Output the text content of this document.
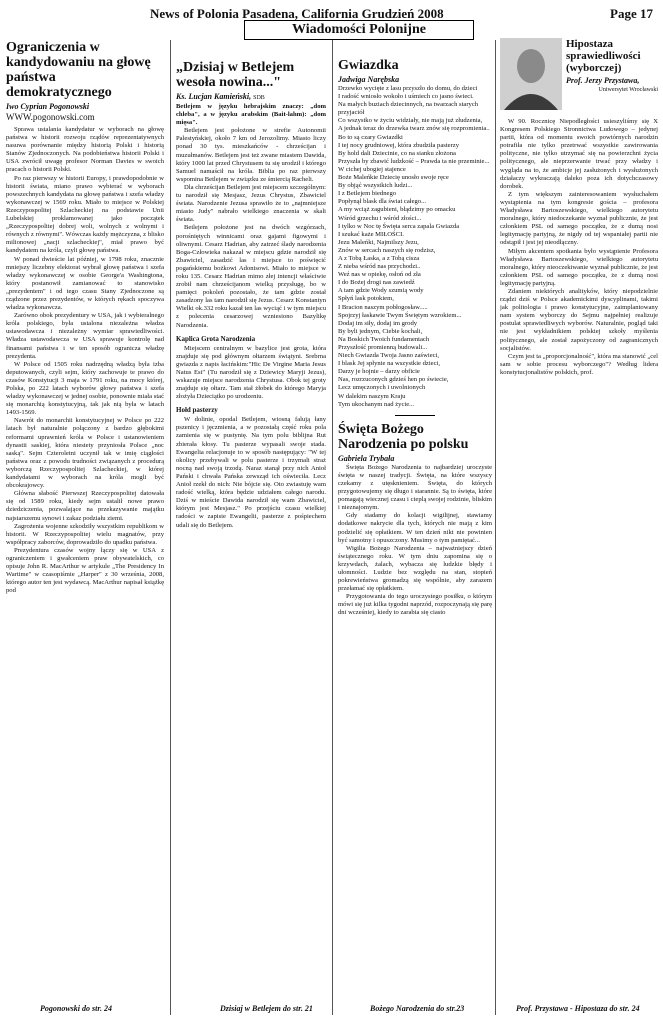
News of Polonia Pasadena, California Grudzień 2008	Page 17
Wiadomości Polonijne
Ograniczenia w kandydowaniu na głowę państwa demokratycznego
Iwo Cyprian Pogonowski
WWW.pogonowski.com

Sprawa ustalania kandydatur w wyborach na głowę państwa w historii rozwoju rządów reprezentatywnych nasuwa porównanie między historią Polski i historią Stanów Zjednoczonych. Na podobieństwa historii Polski i USA zwrócił uwagę profesor Norman Davies w swoich pracach o historii Polski.

Po raz pierwszy w historii Europy, i prawdopodobnie w historii świata, miano prawo wybierać w wyborach powszechnych kandydata na głowę państwa i szefa władzy wykonawczej w 1569 roku. Miało to miejsce w Polskiej Rzeczypospolitej Szlacheckiej na podstawie Unii Lubelskiej proklamowanej jako początek „Rzeczypospolitej dobrej woli, wolnych z wolnymi i równych z równymi". Wówczas każdy mężczyzna, z blisko milionowej „nacji szlacheckiej", miał prawo być kandydatem na króla, czyli głowę państwa.

W ponad dwieście lat później, w 1798 roku, znacznie mniejszy liczebny elektorat wybrał głowę państwa i szefa władzy wykonawczej w osobie George'a Washingtona, który postanowił zamianować to stanowisko „prezydentem" i od tego czasu Stany Zjednoczone są rządzone przez prezydentów, w których rękach spoczywa władza wykonawcza.

Zarówno obok prezydentury w USA, jak i wybieralnego króla polskiego, była ustalona niezależna władza ustawodawcza i niezależny wymiar sprawiedliwości. Władza ustawodawcza w USA sprawuje kontrolę nad finansami państwa i w ten sposób ogranicza władzę prezydenta.

W Polsce od 1505 roku nadrzędną władzą była izba deputowanych, czyli sejm, który zachowuje te prawo do czasów Konstytucji 3 maja w 1791 roku, na mocy której, Polska, po 222 latach wyborów głowy państwa i szefa władzy wykonawczej w jednej osobie, ponownie miała stać się monarchią konstytucyjną, tak jak nią była w latach 1493-1569.

Nawrót do monarchii konstytucyjnej w Polsce po 222 latach był naturalnie połączony z bardzo głębokimi reformami uprawnień króla w Polsce i ustanowieniem dynastii saskiej, która niestety przyniosła Polsce „noc saską". Sejm Czteroletni uczynił tak w imię ciągłości państwa oraz z powodu trudności związanych z procedurą wyborczą Rzeczypospolitej Szlacheckiej, w której kandydatami w wyborach na króla mogli być obcokrajowcy.

Główna słabość Pierwszej Rzeczypospolitej datowała się od 1589 roku, kiedy sejm ustalił nowe prawo dziedziczenia, pozwalające na przekazywanie majątku najstarszemu synowi i zakaz podziału ziemi.

Zagrożenia wojenne szkodziły wszystkim republikom w historii. W Rzeczypospolitej wielu magnatów, przy współpracy zaborców, doprowadziło do upadku państwa.

Prezydentura czasów wojny łączy się w USA z ograniczeniem i gwałceniem praw obywatelskich, co opisuje John R. MacArthur w artykule „The Presidency In Wartime" w czasopiśmie „Harper" z 30 września, 2008, którego autor ten jest wydawcą. MacArthur napisał książkę pod

Pogonowski do str. 24
„Dzisiaj w Betlejem wesoła nowina..."
Ks. Lucjan Kamieński, SDB

Betlejem w języku hebrajskim znaczy: „dom chleba", a w języku arabskim (Bait-lahm): „dom mięsa".

Betlejem jest położone w strefie Autonomii Palestyńskiej, około 7 km od Jerozolimy. Miasto liczy ponad 30 tys. mieszkańców - chrześcijan i muzułmanów. Betlejem jest też zwane miastem Dawida, który 1000 lat przed Chrystusem tu się urodził i którego Samuel namaścił na króla. Biblia po raz pierwszy wspomina Betlejem w związku ze śmiercią Racheli.

Dla chrześcijan Betlejem jest miejscem szczególnym: tu narodził się Mesjasz, Jezus Chrystus, Zbawiciel świata. Narodzenie Jezusa sprawiło że to „najmniejsze miasto Judy" nabrało wielkiego znaczenia w skali świata.

Betlejem położone jest na dwóch wzgórzach, porośniętych winnicami oraz gajami figowymi i oliwnymi. Cesarz Hadrian, aby zatrzeć ślady narodzenia Boga-Człowieka nakazał w miejscu gdzie narodził się Zbawiciel, zasadzić las i miejsce to poświęcić pogańskiemu bożkowi Adonisowi. Miało to miejsce w roku 135. Cesarz Hadrian mimo złej intencji właściwie zrobił nam chrześcijanom wielką przysługę, bo w pamięci pokoleń pozostało, że tam gdzie został zasadzony las tam narodził się Jezus. Cesarz Konstantyn Wielki ok.332 roku kazał ten las wyciąć i w tym miejscu z polecenia cesarzowej wzniesiono Bazylikę Narodzenia.

Kaplica Grota Narodzenia

Miejscem centralnym w bazylice jest grota, która znajduje się pod głównym ołtarzem świątyni. Srebrna gwiazda z napis łacińskim:"Hic De Virgine Maria Jesus Natus Est" (Tu narodził się z Dziewicy Maryji Jezus), wskazuje miejsce narodzenia Chrystusa. Obok tej groty znajduje się ołtarz. Tam stał żłobek do którego Maryja złożyła Dzieciątko po urodzeniu.

Hołd pasterzy

W dolinie, opodal Betlejem, wiosną falują łany pszenicy i jęczmienia, a w pozostałą część roku pola zamienia się w pustynię. Na tym polu biblijna Rut zbierała kłosy. Tu pasterze wypasali swoje stada. Ewangelia relacjonuje to w sposób następujący: "W tej okolicy przebywali w polu pasterze i trzymali straż nocną nad swoją trzodą. Naraz stanął przy nich Anioł Pański i chwała Pańska zewsząd ich oświeciła. Lecz Anioł rzekł do nich: Nie bójcie się. Oto zwiastuję wam radość wielką, która będzie udziałem całego narodu. Dziś w mieście Dawida narodził się wam Zbawiciel, którym jest Mesjasz." Po przejściu czasu wielkiej radości w zapisie Ewangelii, pasterze z pośpiechem udali się do Betlejem.

Dzisiaj w Betlejem do str. 21
Gwiazdka
Jadwiga Narębska

Drzewko wycięte z lasu przyszło do domu, do dzieci

I radość wniosło wokoło i uśmiech co jasno świeci.

Na małych buziach dziecinnych, na twarzach starych przyjaciół

Co wszystko w życiu widziały, nie mają już złudzenia,

A jednak teraz do drzewka twarz znów się rozpromienia..

Bo to są czary Gwiazdki

I tej nocy grudniowej, która zbudziła pasterzy

By hold dali Dziecinie, co na sianku złożona

Przyszła by zbawić ludzkość – Prawda ta nie przeminie...

W cichej ubogiej stajence

Boże Maleńkie Dziecię unosło swoje ręce

By objąć wszystkich ludzi...

I z Betlejem biednego

Popłynął blask dla świat całego...

A my wciąż zagubieni, błądzimy po omacku

Wśród grzechu i wśród złości...

I tylko w Noc tę Święta serca zapala Gwiazda

I szukać każe MIŁOŚCI.

Jezu Maleńki, Najmilszy Jezu,

Znów w sercach naszych się rodzisz,

A z Tobą Łaska, a z Tobą cisza

Z nieba wśród nas przychodzi..

Weź nas w opiekę, osłoń od zła

I do Bożej drogi nas zawiedź

A tam gdzie Wody szumią wody

Spłyń lask potokiem,

I Bracion naszym pobłogosław.....

Spojrzyj łaskawie Twym Świętym wzrokiem...

Dodaj im siły, dodaj im grody

By byli jednym, Ciebie kochali,

Na Boskich Twoich fundamentach

Przyszłość promienną budowali...

Niech Gwiazda Twoja Jasno zaświeci,

I blask Jej spłynie na wszystkie dzieci,

Darzy je hojnie – darzy obficie

Nas, rozrzuconych gdzieś hen po świecie,

Lecz umęczonych i uwolnionych

W dalekim naszym Kraju

Tym ukochanym nad życie...

Święta Bożego Narodzenia po polsku
Gabriela Trybała

Święta Bożego Narodzenia to najbardziej uroczyste święta w naszej tradycji. Święta, na które wszyscy czekamy z utęsknieniem. Święta, do których przygotowujemy się długo i starannie. Są to święta, które pomagają wiecznej czasu i cieplą swojej rodzinie, bliskim i nieznajomym.

Gdy siadamy do kolacji wigilijnej, stawiamy dodatkowe nakrycie dla tych, których nie mają z kim podzielić się opłatkiem. W ten dzień nikt nie powinien być samotny i opuszczony. Musimy o tym pamiętać...

Wigilia Bożego Narodzenia – najważniejszy dzień świątecznego roku. W tym dniu zapomina się o krzywdach, żalach, wybacza się ludzkie błędy i ułomności. Ludzie bez względu na stan, stopień pokrewieństwa gromadzą się wspólnie, aby zarazem przełamać się opłatkiem.

Przygotowania do tego uroczystego posiłku, o którym mówi się już kilka tygodni naprzód, rozpoczynają się parę dni wcześniej, kiedy to zarabia się ciasto

Bożego Narodzenia do str.23
Hipostaza sprawiedliwości (wyborczej)
Prof. Jerzy Przystawa,
Uniwersytet Wrocławski

W 90. Rocznicę Niepodległości usieszyliśmy się X Kongresem Polskiego Stronnictwa Ludowego – jedynej partii, która od momentu swoich powtórnych narodzin potrafiła nie tylko przetrwać wszystkie zawirowania polityczne, nie tylko utrzymać się na powierzchni życia politycznego, ale nieprzerwanie trwać przy władzy i wygląda na to, że ambicje jej zasłużonych i wysłużonych działaczy wykraczają daleko poza ich dotychczasowy dorobek.

Z tym większym zainteresowaniem wysłuchałem wystąpienia na tym kongresie gościa – profesora Władysława Bartoszewskiego, wielkiego autorytetu moralnego, który niedoczekanie wyznał publicznie, że jest członkiem PSL od samego początku, że z dumą nosi legitymację partyjną, że nigdy od tej wspaniałej partii nie odstąpił i jest jej nieodłączny.

Miłym akcentem spotkania było wystąpienie Profesora Władysława Bartoszewskiego, wielkiego autorytetu moralnego, który nieoczekiwanie wyznał publicznie, że jest członkiem PSL od samego początku, że z dumą nosi legitymację partyjną.

Zdaniem niektórych analityków, który niepodzielnie rządzi dziś w Polsce akademickimi dyscyplinami, takimi jak politologia i prawo konstytucyjne, zaimplantowany nam system wyborczy do Sejmu najpełniej realizuje postulat sprawiedliwych wyborów. Naturalnie, pogląd taki nie jest wykładnikiem polskiej szkoły myślenia politycznego, ale został zapożyczony od zagranicznych socjalistów.

Czym jest ta „proporcjonalność", która ma stanowić „cel sam w sobie procesu wyborczego"? Według lidera konstytucjonalistów polskich, prof.

Prof. Przystawa - Hipostaza do str. 24
